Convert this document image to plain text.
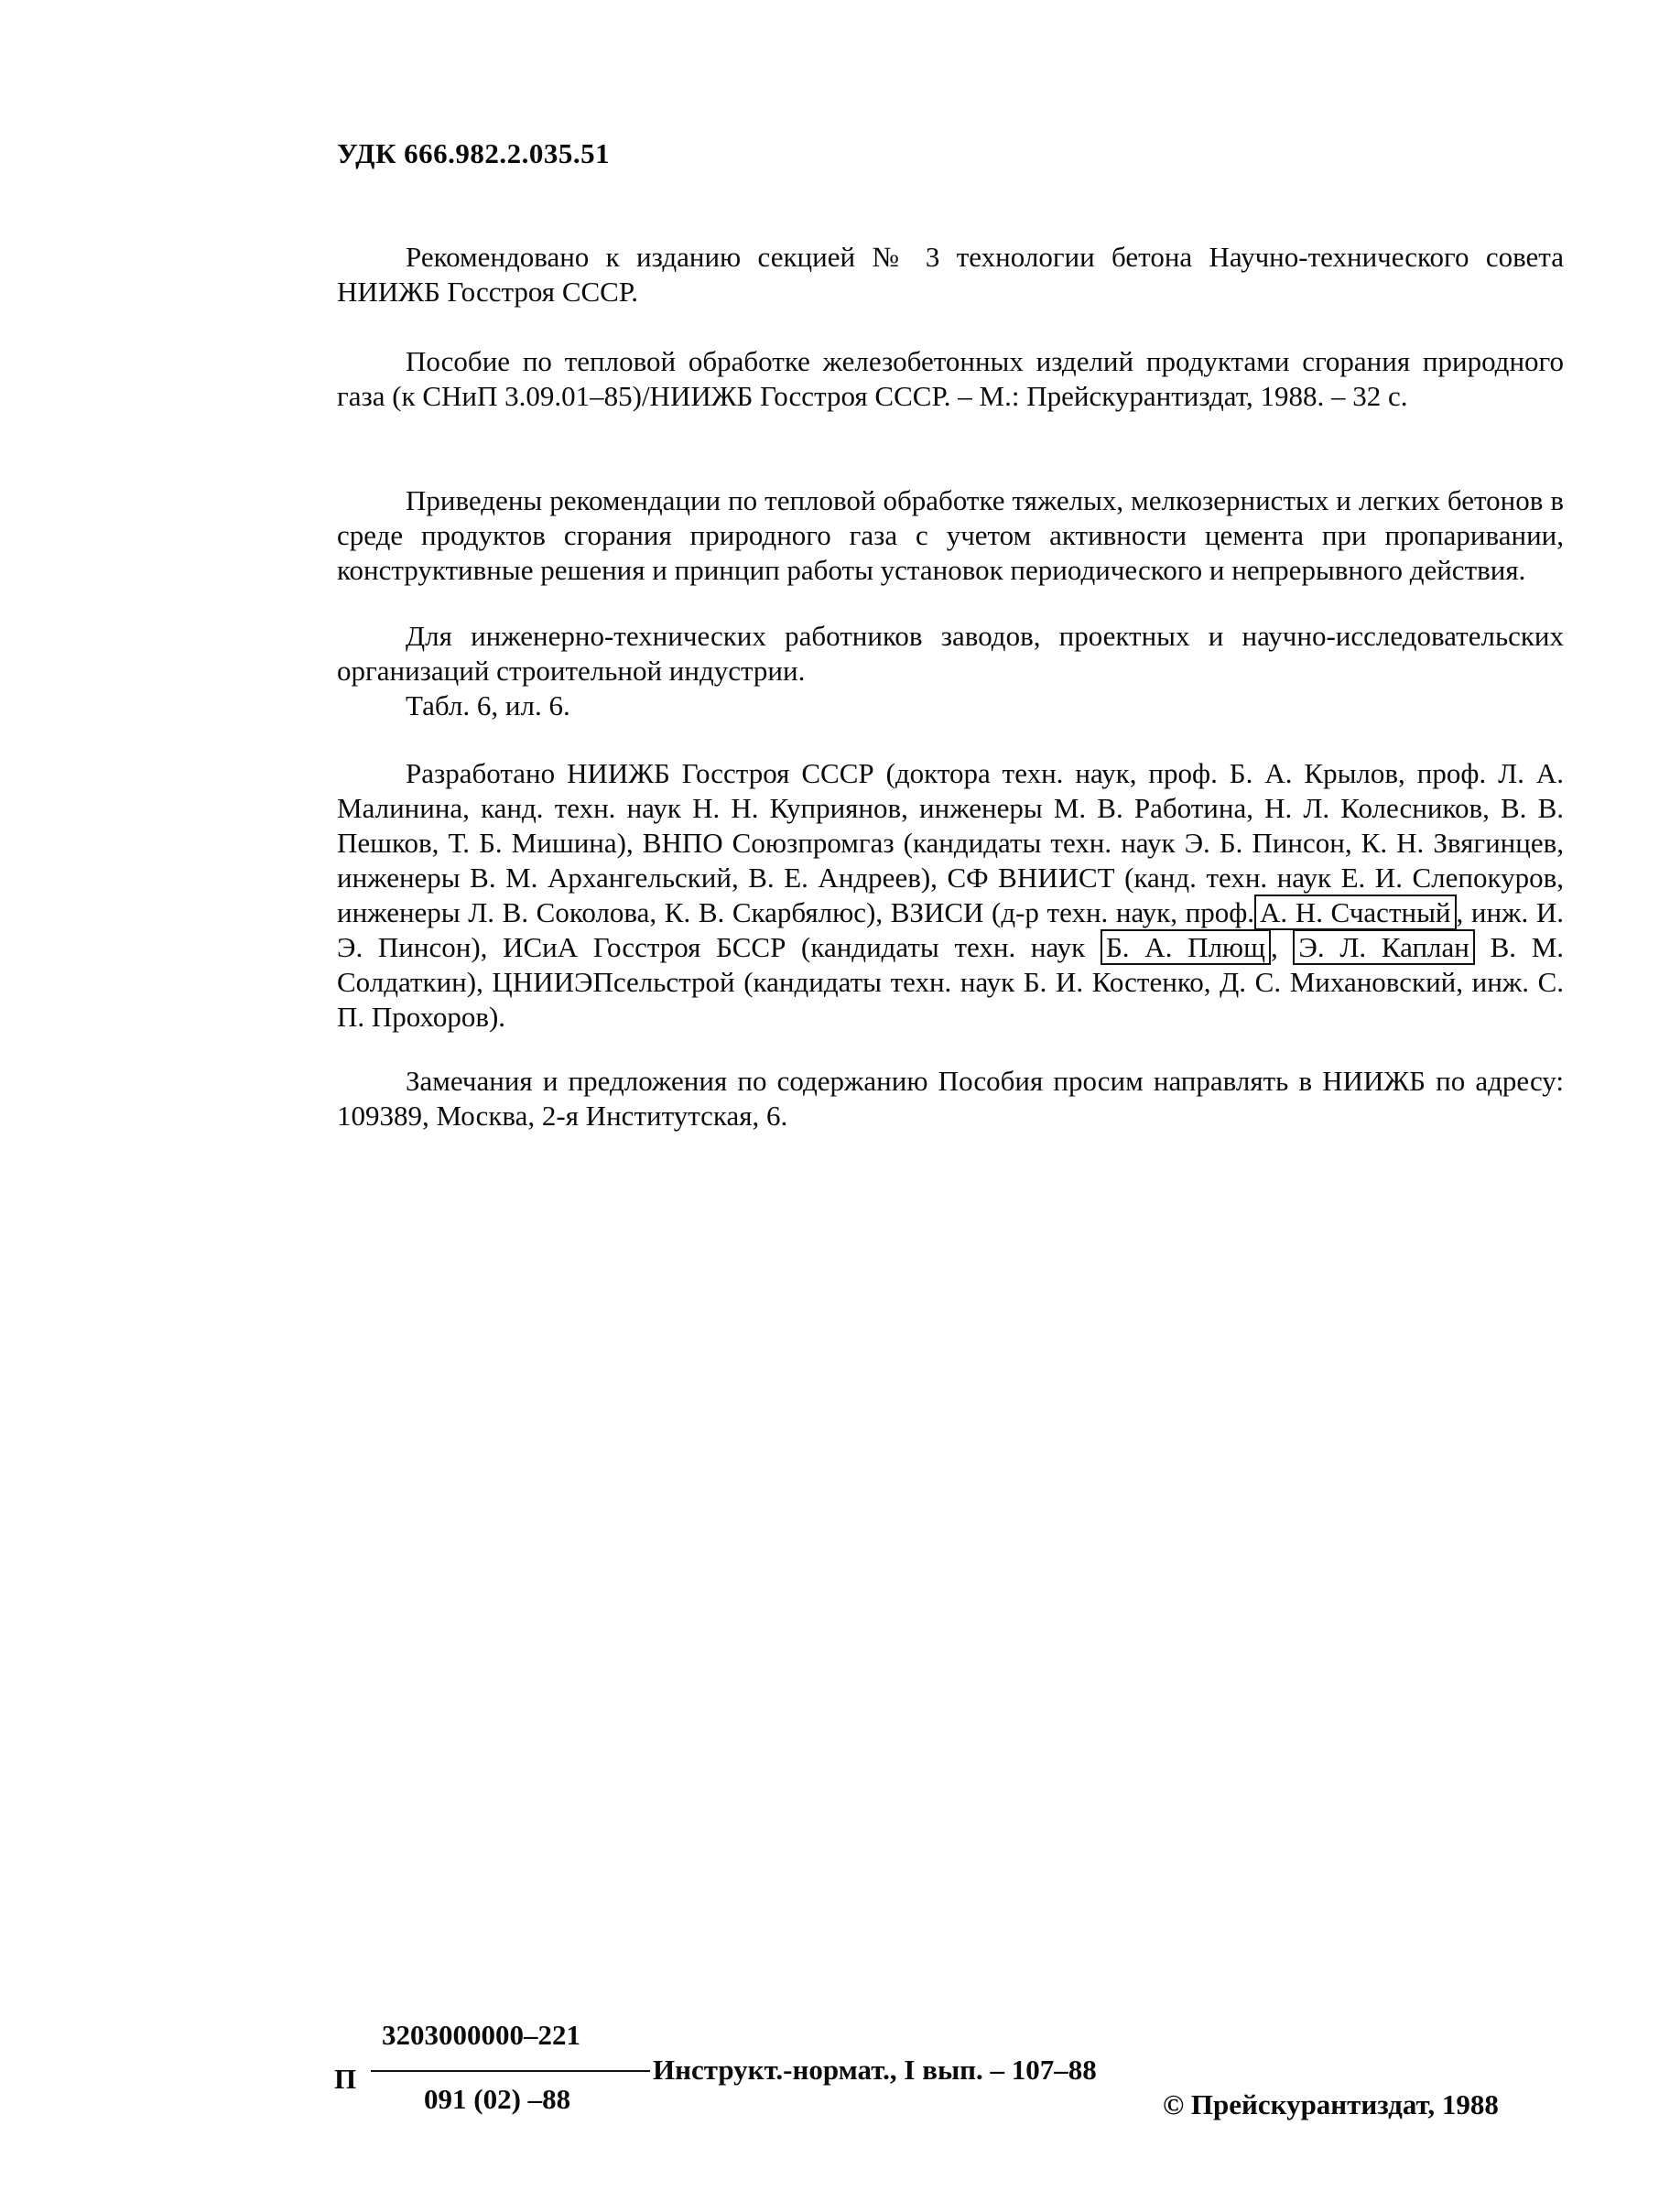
УДК 666.982.2.035.51

Рекомендовано к изданию секцией № 3 технологии бетона Научно-технического совета НИИЖБ Госстроя СССР.

Пособие по тепловой обработке железобетонных изделий продуктами сгорания природного газа (к СНиП 3.09.01–85)/НИИЖБ Госстроя СССР. – М.: Прейскурантиздат, 1988. – 32 с.

Приведены рекомендации по тепловой обработке тяжелых, мелкозернистых и легких бетонов в среде продуктов сгорания природного газа с учетом активности цемента при пропаривании, конструктивные решения и принцип работы установок периодического и непрерывного действия.

Для инженерно-технических работников заводов, проектных и научно-исследовательских организаций строительной индустрии.

Табл. 6, ил. 6.

Разработано НИИЖБ Госстроя СССР (доктора техн. наук, проф. Б. А. Крылов, проф. Л. А. Малинина, канд. техн. наук Н. Н. Куприянов, инженеры М. В. Работина, Н. Л. Колесников, В. В. Пешков, Т. Б. Мишина), ВНПО Союзпромгаз (кандидаты техн. наук Э. Б. Пинсон, К. Н. Звягинцев, инженеры В. М. Архангельский, В. Е. Андреев), СФ ВНИИСТ (канд. техн. наук Е. И. Слепокуров, инженеры Л. В. Соколова, К. В. Скарбялюс), ВЗИСИ (д-р техн. наук, проф. А. Н. Счастный , инж. И. Э. Пинсон), ИСиА Госстроя БССР (кандидаты техн. наук Б. А. Плющ , Э. Л. Каплан В. М. Солдаткин), ЦНИИЭПсельстрой (кандидаты техн. наук Б. И. Костенко, Д. С. Михановский, инж. С. П. Прохоров).

Замечания и предложения по содержанию Пособия просим направлять в НИИЖБ по адресу: 109389, Москва, 2-я Институтская, 6.

П
3203000000–221
091 (02) –88
Инструкт.-нормат., I вып. – 107–88
© Прейскурантиздат, 1988
